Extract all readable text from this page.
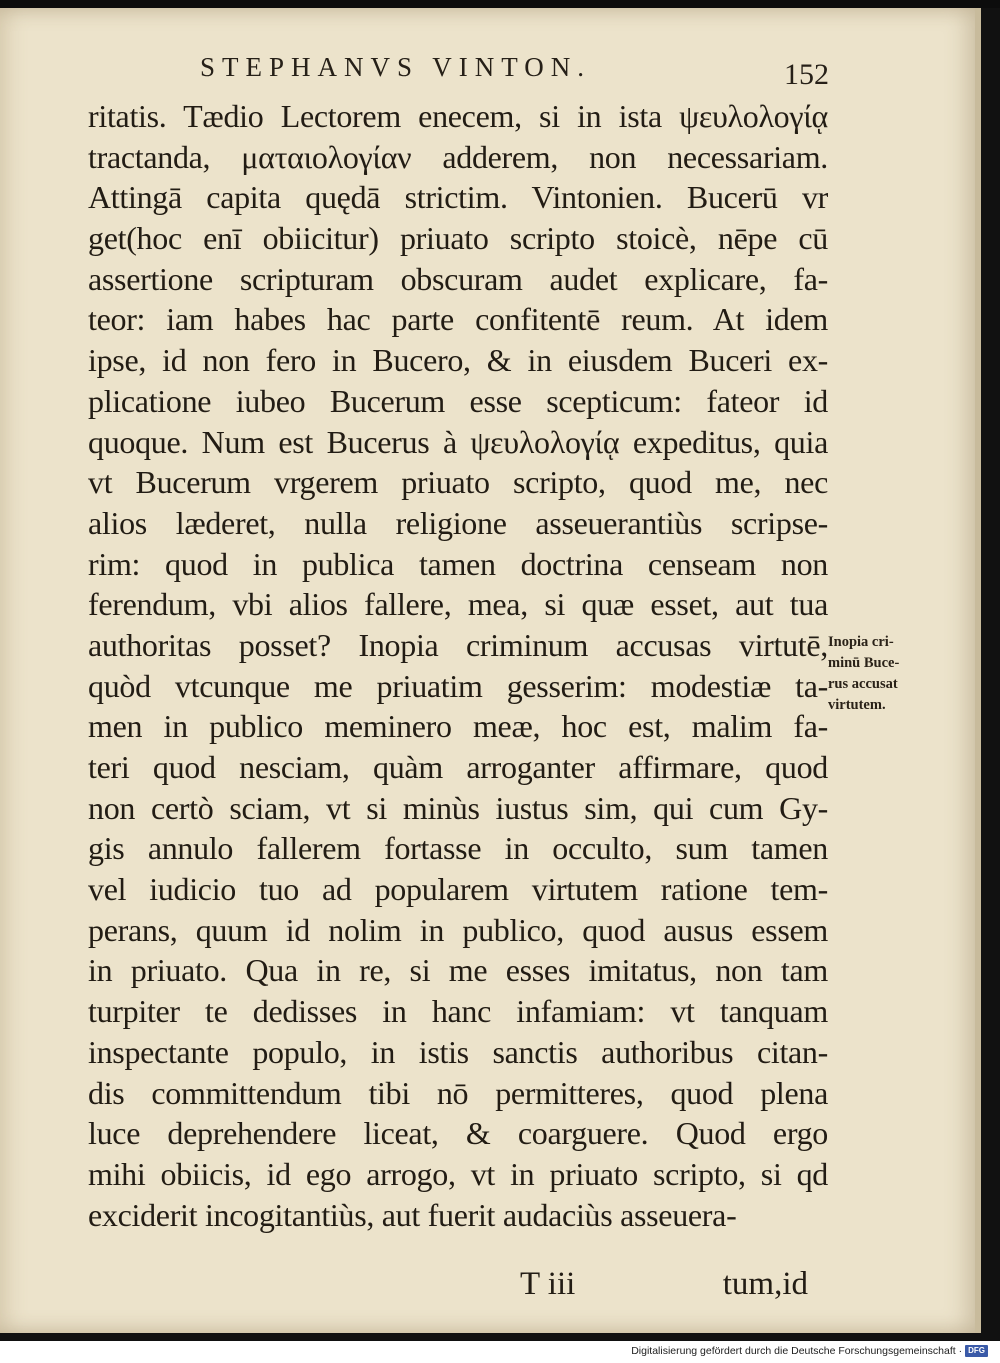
STEPHANVS VINTON.	152
ritatis. Tædio Lectorem enecem, si in ista ψευλολογίᾳ
tractanda, ματαιολογίαν adderem, non necessariam.
Attingā capita quędā strictim. Vintonien. Bucerū vr
get(hoc enī obiicitur) priuato scripto stoicè, nēpe cū
assertione scripturam obscuram audet explicare, fa-
teor: iam habes hac parte confitentē reum. At idem
ipse, id non fero in Bucero, & in eiusdem Buceri ex-
plicatione iubeo Bucerum esse scepticum: fateor id
quoque. Num est Bucerus à ψευλολογίᾳ expeditus, quia
vt Bucerum vrgerem priuato scripto, quod me, nec
alios læderet, nulla religione asseuerantiùs scripse-
rim: quod in publica tamen doctrina censeam non
ferendum, vbi alios fallere, mea, si quæ esset, aut tua
authoritas posset? Inopia criminum accusas virtutē,
quòd vtcunque me priuatim gesserim: modestiæ ta-
men in publico meminero meæ, hoc est, malim fa-
teri quod nesciam, quàm arroganter affirmare, quod
non certò sciam, vt si minùs iustus sim, qui cum Gy-
gis annulo fallerem fortasse in occulto, sum tamen
vel iudicio tuo ad popularem virtutem ratione tem-
perans, quum id nolim in publico, quod ausus essem
in priuato. Qua in re, si me esses imitatus, non tam
turpiter te dedisses in hanc infamiam: vt tanquam
inspectante populo, in istis sanctis authoribus citan-
dis committendum tibi nō permitteres, quod plena
luce deprehendere liceat, & coarguere. Quod ergo
mihi obiicis, id ego arrogo, vt in priuato scripto, si qd
exciderit incogitantiùs, aut fuerit audaciùs asseuera-
Inopia cri-
minū Buce-
rus accusat
virtutem.
T iii	tum,id
Digitalisierung gefördert durch die Deutsche Forschungsgemeinschaft · DFG
